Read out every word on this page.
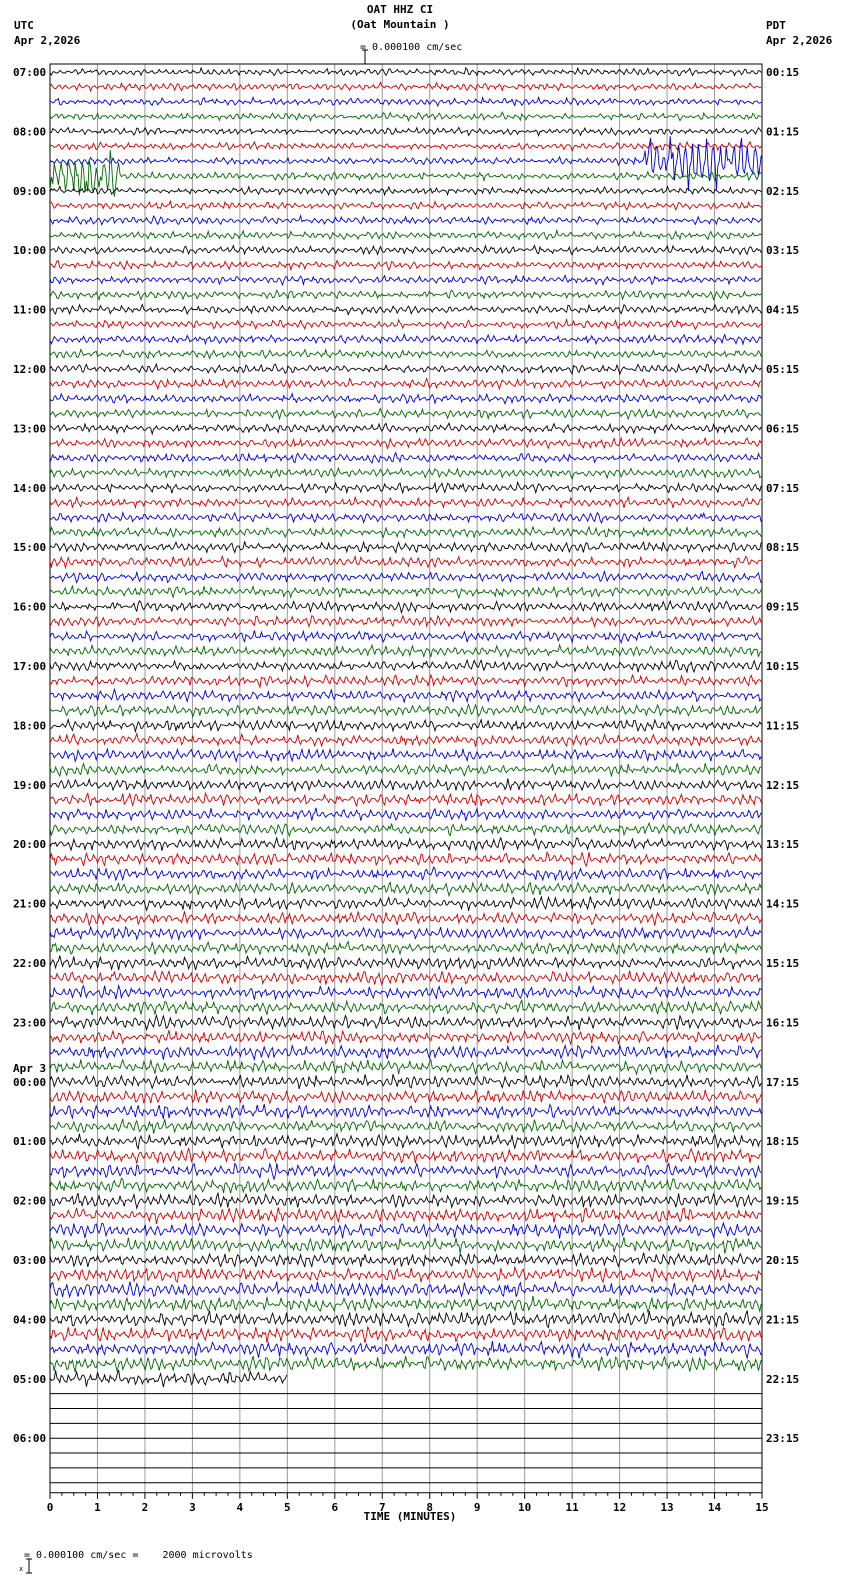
OAT HHZ CI
(Oat Mountain )

= 0.000100 cm/sec
UTC
Apr 2,2026
PDT
Apr 2,2026
07:00	00:15
08:00	01:15
09:00	02:15
10:00	03:15
11:00	04:15
12:00	05:15
13:00	06:15
14:00	07:15
15:00	08:15
16:00	09:15
17:00	10:15
18:00	11:15
19:00	12:15
20:00	13:15
21:00	14:15
22:00	15:15
23:00	16:15
00:00	17:15
Apr 3
01:00	18:15
02:00	19:15
03:00	20:15
04:00	21:15
05:00	22:15
06:00	23:15
0	1	2	3	4	5	6	7	8	9	10	11	12	13	14	15
TIME (MINUTES)

x

= 0.000100 cm/sec =    2000 microvolts
